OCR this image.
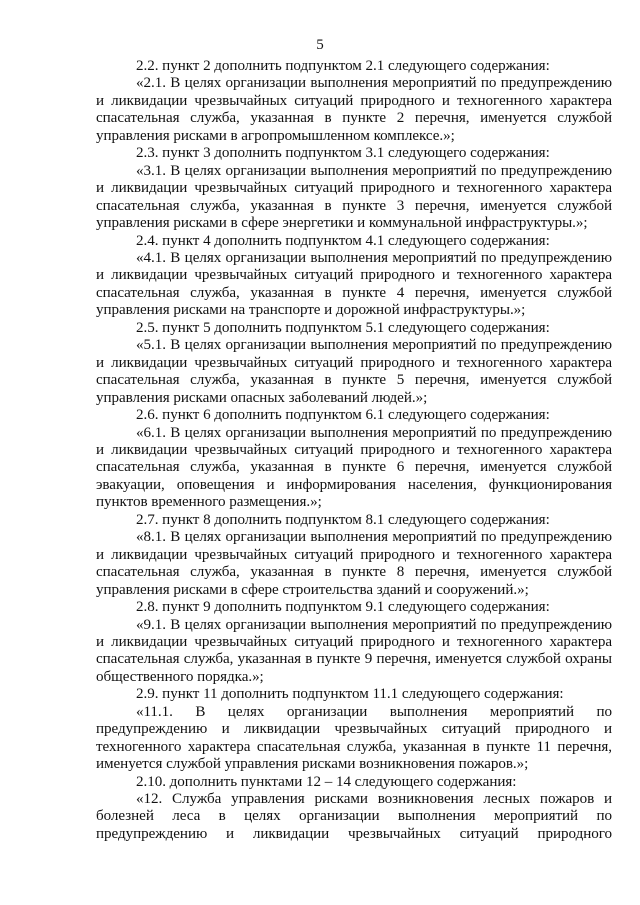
5

2.2. пункт 2 дополнить подпунктом 2.1 следующего содержания:

«2.1. В целях организации выполнения мероприятий по предупреждению и ликвидации чрезвычайных ситуаций природного и техногенного характера спасательная служба, указанная в пункте 2 перечня, именуется службой управления рисками в агропромышленном комплексе.»;

2.3. пункт 3 дополнить подпунктом 3.1 следующего содержания:

«3.1. В целях организации выполнения мероприятий по предупреждению и ликвидации чрезвычайных ситуаций природного и техногенного характера спасательная служба, указанная в пункте 3 перечня, именуется службой управления рисками в сфере энергетики и коммунальной инфраструктуры.»;

2.4. пункт 4 дополнить подпунктом 4.1 следующего содержания:

«4.1. В целях организации выполнения мероприятий по предупреждению и ликвидации чрезвычайных ситуаций природного и техногенного характера спасательная служба, указанная в пункте 4 перечня, именуется службой управления рисками на транспорте и дорожной инфраструктуры.»;

2.5. пункт 5 дополнить подпунктом 5.1 следующего содержания:

«5.1. В целях организации выполнения мероприятий по предупреждению и ликвидации чрезвычайных ситуаций природного и техногенного характера спасательная служба, указанная в пункте 5 перечня, именуется службой управления рисками опасных заболеваний людей.»;

2.6. пункт 6 дополнить подпунктом 6.1 следующего содержания:

«6.1. В целях организации выполнения мероприятий по предупреждению и ликвидации чрезвычайных ситуаций природного и техногенного характера спасательная служба, указанная в пункте 6 перечня, именуется службой эвакуации, оповещения и информирования населения, функционирования пунктов временного размещения.»;

2.7. пункт 8 дополнить подпунктом 8.1 следующего содержания:

«8.1. В целях организации выполнения мероприятий по предупреждению и ликвидации чрезвычайных ситуаций природного и техногенного характера спасательная служба, указанная в пункте 8 перечня, именуется службой управления рисками в сфере строительства зданий и сооружений.»;

2.8. пункт 9 дополнить подпунктом 9.1 следующего содержания:

«9.1. В целях организации выполнения мероприятий по предупреждению и ликвидации чрезвычайных ситуаций природного и техногенного характера спасательная служба, указанная в пункте 9 перечня, именуется службой охраны общественного порядка.»;

2.9. пункт 11 дополнить подпунктом 11.1 следующего содержания:

«11.1. В целях организации выполнения мероприятий по предупреждению и ликвидации чрезвычайных ситуаций природного и техногенного характера спасательная служба, указанная в пункте 11 перечня, именуется службой управления рисками возникновения пожаров.»;

2.10. дополнить пунктами 12 – 14 следующего содержания:

«12. Служба управления рисками возникновения лесных пожаров и болезней леса в целях организации выполнения мероприятий по предупреждению и ликвидации чрезвычайных ситуаций природного
